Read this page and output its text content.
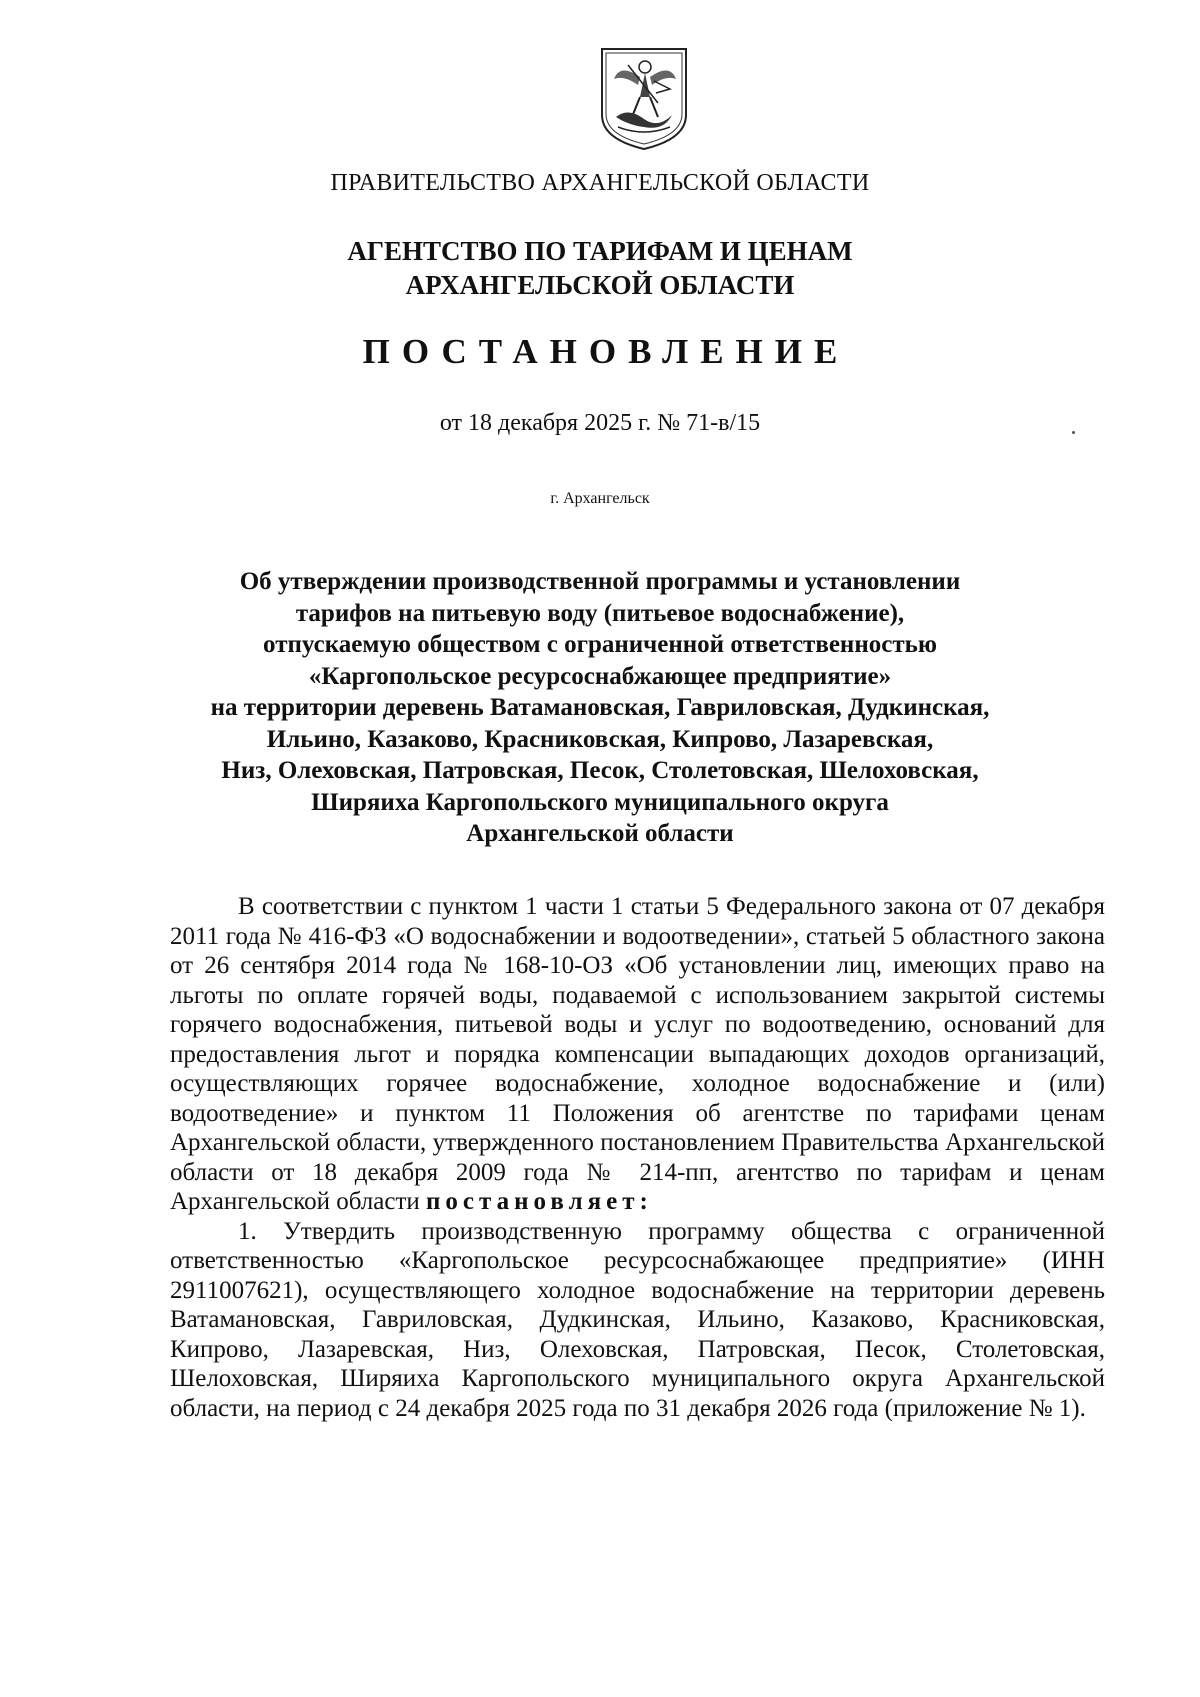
ПРАВИТЕЛЬСТВО АРХАНГЕЛЬСКОЙ ОБЛАСТИ
АГЕНТСТВО ПО ТАРИФАМ И ЦЕНАМ
АРХАНГЕЛЬСКОЙ ОБЛАСТИ
ПОСТАНОВЛЕНИЕ
от 18 декабря 2025 г. № 71-в/15
г. Архангельск
Об утверждении производственной программы и установлении
тарифов на питьевую воду (питьевое водоснабжение),
отпускаемую обществом с ограниченной ответственностью
«Каргопольское ресурсоснабжающее предприятие»
на территории деревень Ватамановская, Гавриловская, Дудкинская,
Ильино, Казаково, Красниковская, Кипрово, Лазаревская,
Низ, Олеховская, Патровская, Песок, Столетовская, Шелоховская,
Ширяиха Каргопольского муниципального округа
Архангельской области

В соответствии с пунктом 1 части 1 статьи 5 Федерального закона от 07 декабря 2011 года № 416-ФЗ «О водоснабжении и водоотведении», статьей 5 областного закона от 26 сентября 2014 года № 168-10-ОЗ «Об установлении лиц, имеющих право на льготы по оплате горячей воды, подаваемой с использованием закрытой системы горячего водоснабжения, питьевой воды и услуг по водоотведению, оснований для предоставления льгот и порядка компенсации выпадающих доходов организаций, осуществляющих горячее водоснабжение, холодное водоснабжение и (или) водоотведение» и пунктом 11 Положения об агентстве по тарифами ценам Архангельской области, утвержденного постановлением Правительства Архангельской области от 18 декабря 2009 года № 214-пп, агентство по тарифам и ценам Архангельской области постановляет:

1. Утвердить производственную программу общества с ограниченной ответственностью «Каргопольское ресурсоснабжающее предприятие» (ИНН 2911007621), осуществляющего холодное водоснабжение на территории деревень Ватамановская, Гавриловская, Дудкинская, Ильино, Казаково, Красниковская, Кипрово, Лазаревская, Низ, Олеховская, Патровская, Песок, Столетовская, Шелоховская, Ширяиха Каргопольского муниципального округа Архангельской области, на период с 24 декабря 2025 года по 31 декабря 2026 года (приложение № 1).
